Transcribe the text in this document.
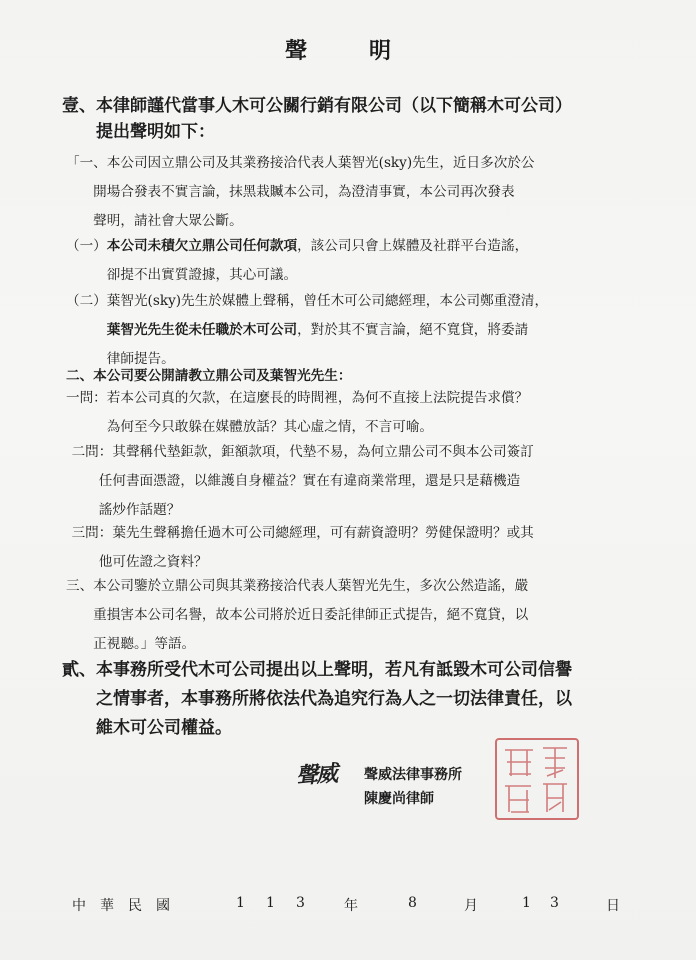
聲　明
壹、本律師謹代當事人木可公關行銷有限公司（以下簡稱木可公司）
　　提出聲明如下：
「一、本公司因立鼎公司及其業務接洽代表人葉智光(sky)先生，近日多次於公
　　開場合發表不實言論，抹黑栽贓本公司，為澄清事實，本公司再次發表
　　聲明，請社會大眾公斷。
（一）本公司未積欠立鼎公司任何款項，該公司只會上媒體及社群平台造謠，
　　　卻提不出實質證據，其心可議。
（二）葉智光(sky)先生於媒體上聲稱，曾任木可公司總經理，本公司鄭重澄清，
　　　葉智光先生從未任職於木可公司，對於其不實言論，絕不寬貸，將委請
　　　律師提告。
二、本公司要公開請教立鼎公司及葉智光先生：
一問：若本公司真的欠款，在這麼長的時間裡，為何不直接上法院提告求償？
　　　為何至今只敢躲在媒體放話？其心虛之情，不言可喻。
　二問：其聲稱代墊鉅款，鉅額款項，代墊不易，為何立鼎公司不與本公司簽訂
　　　任何書面憑證，以維護自身權益？實在有違商業常理，還是只是藉機造
　　　謠炒作話題？
　三問：葉先生聲稱擔任過木可公司總經理，可有薪資證明？勞健保證明？或其
　　　他可佐證之資料？
三、本公司鑒於立鼎公司與其業務接洽代表人葉智光先生，多次公然造謠，嚴
　　重損害本公司名譽，故本公司將於近日委託律師正式提告，絕不寬貸，以
　　正視聽。」等語。
貳、本事務所受代木可公司提出以上聲明，若凡有詆毀木可公司信譽
　　之情事者，本事務所將依法代為追究行為人之一切法律責任，以
　　維木可公司權益。
聲威 聲威法律事務所
陳慶尚律師
中 華 民 國	1 1 3	年	8	月	1 3	日
